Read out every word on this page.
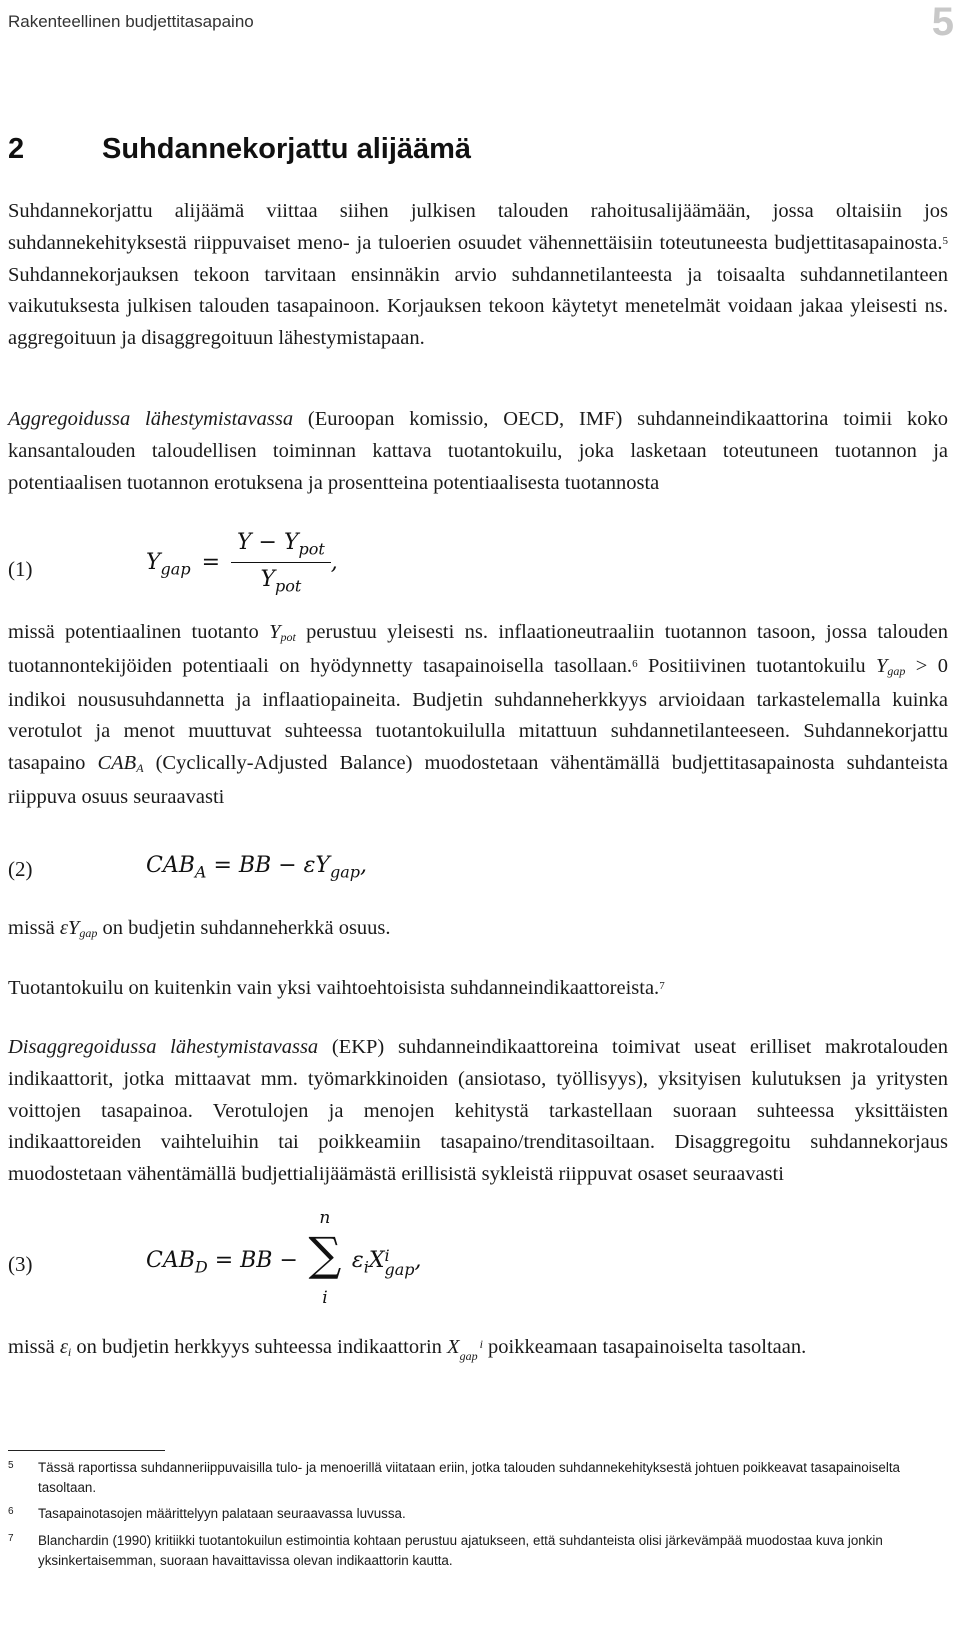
Rakenteellinen budjettitasapaino	5
2	Suhdannekorjattu alijäämä
Suhdannekorjattu alijäämä viittaa siihen julkisen talouden rahoitusalijäämään, jossa oltaisiin jos suhdannekehityksestä riippuvaiset meno- ja tuloerien osuudet vähennettäisiin toteutuneesta budjettitasapainosta.$^5$ Suhdannekorjauksen tekoon tarvitaan ensinnäkin arvio suhdannetilanteesta ja toisaalta suhdannetilanteen vaikutuksesta julkisen talouden tasapainoon. Korjauksen tekoon käytetyt menetelmät voidaan jakaa yleisesti ns. aggregoituun ja disaggregoituun lähestymistapaan.
Aggregoidussa lähestymistavassa (Euroopan komissio, OECD, IMF) suhdanneindikaattorina toimii koko kansantalouden taloudellisen toiminnan kattava tuotantokuilu, joka lasketaan toteutuneen tuotannon ja potentiaalisen tuotannon erotuksena ja prosentteina potentiaalisesta tuotannosta
(1)	$Y_{gap} = \frac{Y - Y_{pot}}{Y_{pot}}$ ,
missä potentiaalinen tuotanto $Y_{pot}$ perustuu yleisesti ns. inflaationeutraaliin tuotannon tasoon, jossa talouden tuotannontekijöiden potentiaali on hyödynnetty tasapainoisella tasollaan.$^6$ Positiivinen tuotantokuilu $Y_{gap} > 0$ indikoi noususuhdannetta ja inflaatiopaineita. Budjetin suhdanneherkkyys arvioidaan tarkastelemalla kuinka verotulot ja menot muuttuvat suhteessa tuotantokuilulla mitattuun suhdannetilanteeseen. Suhdannekorjattu tasapaino $CAB_A$ (Cyclically-Adjusted Balance) muodostetaan vähentämällä budjettitasapainosta suhdanteista riippuva osuus seuraavasti
(2)	$CAB_A$ = BB − $\varepsilon Y_{gap}$,
missä $\varepsilon Y_{gap}$ on budjetin suhdanneherkkä osuus.
Tuotantokuilu on kuitenkin vain yksi vaihtoehtoisista suhdanneindikaattoreista.$^7$
Disaggregoidussa lähestymistavassa (EKP) suhdanneindikaattoreina toimivat useat erilliset makrotalouden indikaattorit, jotka mittaavat mm. työmarkkinoiden (ansiotaso, työllisyys), yksityisen kulutuksen ja yritysten voittojen tasapainoa. Verotulojen ja menojen kehitystä tarkastellaan suoraan suhteessa yksittäisten indikaattoreiden vaihteluihin tai poikkeamiin tasapaino/trenditasoiltaan. Disaggregoitu suhdannekorjaus muodostetaan vähentämällä budjettialijäämästä erillisistä sykleistä riippuvat osaset seuraavasti
(3)	$CAB_D$ = BB −
n
∑
i
$\varepsilon_iX$ i
gap ,
missä $\varepsilon_i$ on budjetin herkkyys suhteessa indikaattorin X	i
gap poikkeamaan tasapainoiselta tasoltaan.
5	Tässä raportissa suhdanneriippuvaisilla tulo- ja menoerillä viitataan eriin, jotka talouden suhdannekehityksestä johtuen poikkeavat tasapainoiselta tasoltaan.
6	Tasapainotasojen määrittelyyn palataan seuraavassa luvussa.
7	Blanchardin (1990) kritiikki tuotantokuilun estimointia kohtaan perustuu ajatukseen, että suhdanteista olisi järkevämpää muodostaa kuva jonkin yksinkertaisemman, suoraan havaittavissa olevan indikaattorin kautta.
